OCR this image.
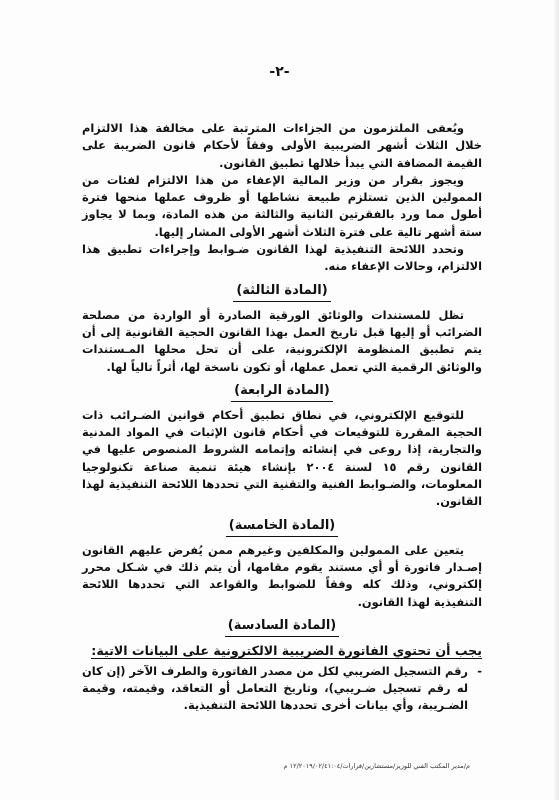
-٢-

ويُعفى الملتزمون من الجزاءات المترتبة على مخالفة هذا الالتزام خلال الثلاث أشهر الضريبية الأولى وفقاً لأحكام قانون الضريبة على القيمة المضافة التي يبدأ خلالها تطبيق القانون.

ويجوز بقرار من وزير المالية الإعفاء من هذا الالتزام لفئات من الممولين الذين تستلزم طبيعة نشاطها أو ظروف عملها منحها فترة أطول مما ورد بالفقرتين الثانية والثالثة من هذه المادة، وبما لا يجاوز ستة أشهر تالية على فترة الثلاث أشهر الأولى المشار إليها.

وتحدد اللائحة التنفيذية لهذا القانون ضـوابط وإجراءات تطبيق هذا الالتزام، وحالات الإعفاء منه.

(المادة الثالثة)

تظل للمستندات والوثائق الورقية الصادرة أو الواردة من مصلحة الضرائب أو إليها قبل تاريخ العمل بهذا القانون الحجية القانونية إلى أن يتم تطبيق المنظومة الإلكترونية، على أن تحل محلها المـستندات والوثائق الرقمية التي تعمل عملها، أو تكون ناسخة لها، أثراً تالياً لها.

(المادة الرابعة)

للتوقيع الإلكتروني، في نطاق تطبيق أحكام قوانين الضـرائب ذات الحجية المقررة للتوقيعات في أحكام قانون الإثبات في المواد المدنية والتجارية، إذا روعى في إنشائه وإتمامه الشروط المنصوص عليها في القانون رقم ١٥ لسنة ٢٠٠٤ بإنشاء هيئة تنمية صناعة تكنولوجيا المعلومات، والضـوابط الفنية والتقنية التي تحددها اللائحة التنفيذية لهذا القانون.

(المادة الخامسة)

يتعين على الممولين والمكلفين وغيرهم ممن يُفرض عليهم القانون إصـدار فاتورة أو أي مستند يقوم مقامها، أن يتم ذلك في شـكل محرر إلكتروني، وذلك كله وفقاً للضوابط والقواعد التي تحددها اللائحة التنفيذية لهذا القانون.

(المادة السادسة)

يجب أن تحتوي الفاتورة الضريبية الالكترونية على البيانات الاتية:

-
رقم التسجيل الضريبي لكل من مصدر الفاتورة والطرف الآخر (إن كان له رقم تسجيل ضـريبي)، وتاريخ التعامل أو التعاقد، وقيمته، وقيمة الضـريبة، وأي بيانات أخرى تحددها اللائحة التنفيذية.
م/مدير المكتب الفني للوزير/مستشارين/قرارات/١٢/٢٠١٩/٠٢/٤١:٠٤ م
